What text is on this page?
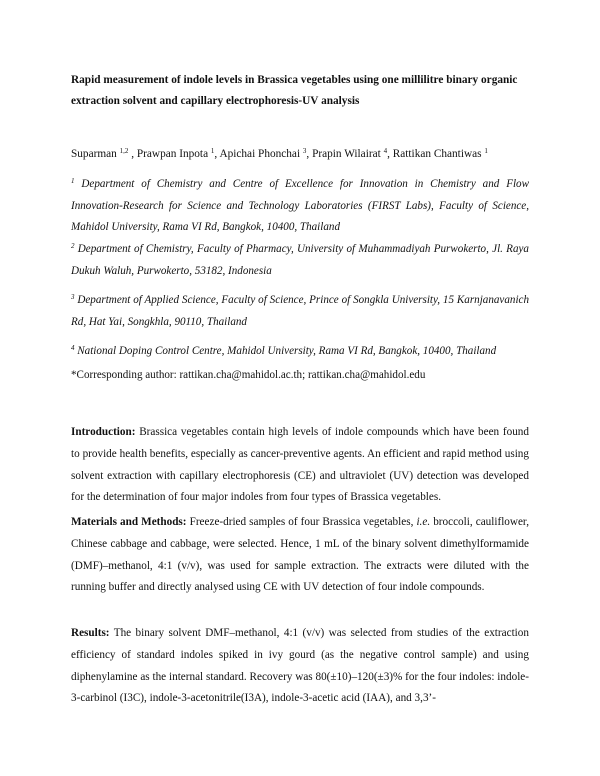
Rapid measurement of indole levels in Brassica vegetables using one millilitre binary organic extraction solvent and capillary electrophoresis-UV analysis

Suparman $^{1,2}$ , Prawpan Inpota $^1$, Apichai Phonchai $^3$, Prapin Wilairat $^4$, Rattikan Chantiwas $^1$

$^1$ Department of Chemistry and Centre of Excellence for Innovation in Chemistry and Flow Innovation-Research for Science and Technology Laboratories (FIRST Labs), Faculty of Science, Mahidol University, Rama VI Rd, Bangkok, 10400, Thailand

$^2$ Department of Chemistry, Faculty of Pharmacy, University of Muhammadiyah Purwokerto, Jl. Raya Dukuh Waluh, Purwokerto, 53182, Indonesia

$^3$ Department of Applied Science, Faculty of Science, Prince of Songkla University, 15 Karnjanavanich Rd, Hat Yai, Songkhla, 90110, Thailand

$^4$ National Doping Control Centre, Mahidol University, Rama VI Rd, Bangkok, 10400, Thailand

*Corresponding author: rattikan.cha@mahidol.ac.th; rattikan.cha@mahidol.edu

Introduction: Brassica vegetables contain high levels of indole compounds which have been found to provide health benefits, especially as cancer-preventive agents. An efficient and rapid method using solvent extraction with capillary electrophoresis (CE) and ultraviolet (UV) detection was developed for the determination of four major indoles from four types of Brassica vegetables.

Materials and Methods: Freeze-dried samples of four Brassica vegetables, i.e. broccoli, cauliflower, Chinese cabbage and cabbage, were selected. Hence, 1 mL of the binary solvent dimethylformamide (DMF)–methanol, 4:1 (v/v), was used for sample extraction. The extracts were diluted with the running buffer and directly analysed using CE with UV detection of four indole compounds.

Results: The binary solvent DMF–methanol, 4:1 (v/v) was selected from studies of the extraction efficiency of standard indoles spiked in ivy gourd (as the negative control sample) and using diphenylamine as the internal standard. Recovery was 80(±10)–120(±3)% for the four indoles: indole-3-carbinol (I3C), indole-3-acetonitrile(I3A), indole-3-acetic acid (IAA), and 3,3’-
